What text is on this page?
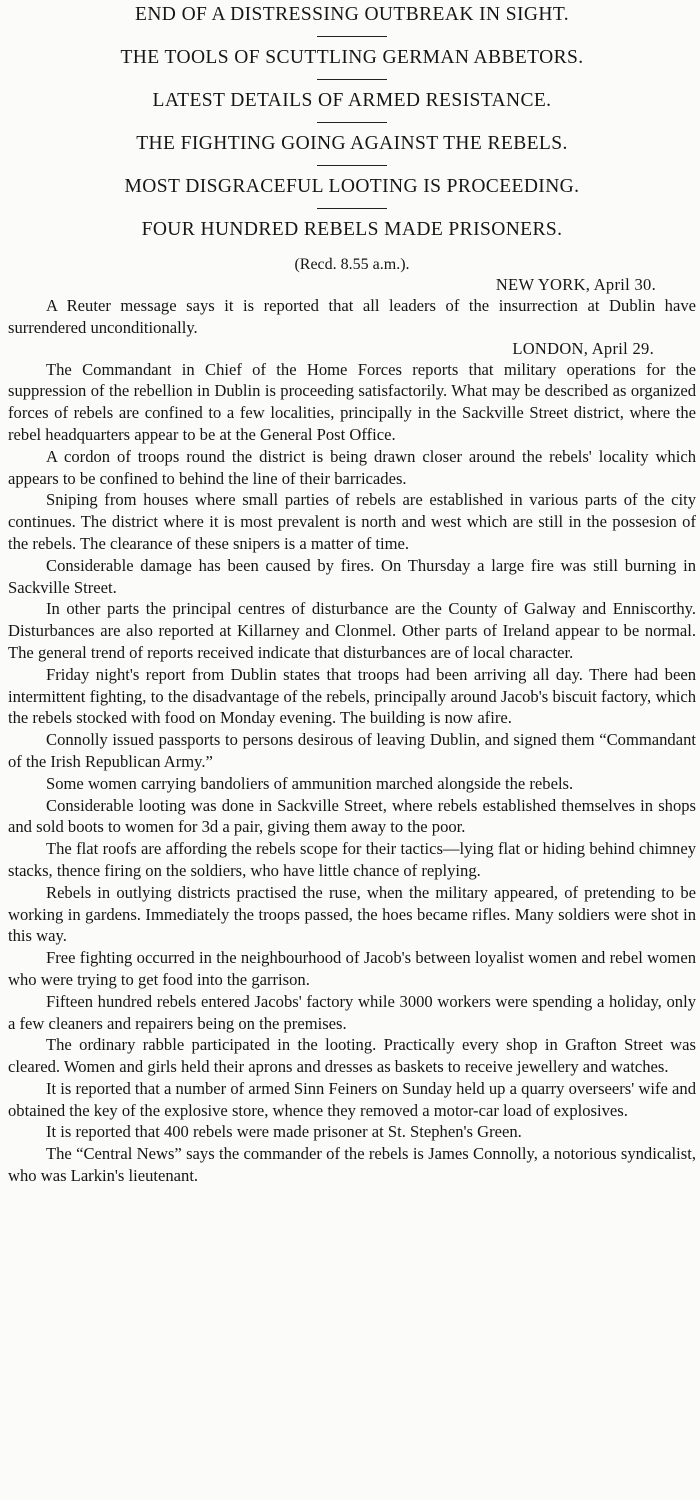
END OF A DISTRESSING OUTBREAK IN SIGHT.

THE TOOLS OF SCUTTLING GERMAN ABBETORS.

LATEST DETAILS OF ARMED RESISTANCE.

THE FIGHTING GOING AGAINST THE REBELS.

MOST DISGRACEFUL LOOTING IS PROCEEDING.

FOUR HUNDRED REBELS MADE PRISONERS.

(Recd. 8.55 a.m.).

NEW YORK, April 30.

A Reuter message says it is reported that all leaders of the insurrection at Dublin have surrendered unconditionally.

LONDON, April 29.

The Commandant in Chief of the Home Forces reports that military operations for the suppression of the rebellion in Dublin is proceeding satisfactorily. What may be described as organized forces of rebels are confined to a few localities, principally in the Sackville Street district, where the rebel headquarters appear to be at the General Post Office.

A cordon of troops round the district is being drawn closer around the rebels' locality which appears to be confined to behind the line of their barricades.

Sniping from houses where small parties of rebels are established in various parts of the city continues. The district where it is most prevalent is north and west which are still in the possesion of the rebels. The clearance of these snipers is a matter of time.

Considerable damage has been caused by fires. On Thursday a large fire was still burning in Sackville Street.

In other parts the principal centres of disturbance are the County of Galway and Enniscorthy. Disturbances are also reported at Killarney and Clonmel. Other parts of Ireland appear to be normal. The general trend of reports received indicate that disturbances are of local character.

Friday night's report from Dublin states that troops had been arriving all day. There had been intermittent fighting, to the disadvantage of the rebels, principally around Jacob's biscuit factory, which the rebels stocked with food on Monday evening. The building is now afire.

Connolly issued passports to persons desirous of leaving Dublin, and signed them “Commandant of the Irish Republican Army.”

Some women carrying bandoliers of ammunition marched alongside the rebels.

Considerable looting was done in Sackville Street, where rebels established themselves in shops and sold boots to women for 3d a pair, giving them away to the poor.

The flat roofs are affording the rebels scope for their tactics—lying flat or hiding behind chimney stacks, thence firing on the soldiers, who have little chance of replying.

Rebels in outlying districts practised the ruse, when the military appeared, of pretending to be working in gardens. Immediately the troops passed, the hoes became rifles. Many soldiers were shot in this way.

Free fighting occurred in the neighbourhood of Jacob's between loyalist women and rebel women who were trying to get food into the garrison.

Fifteen hundred rebels entered Jacobs' factory while 3000 workers were spending a holiday, only a few cleaners and repairers being on the premises.

The ordinary rabble participated in the looting. Practically every shop in Grafton Street was cleared. Women and girls held their aprons and dresses as baskets to receive jewellery and watches.

It is reported that a number of armed Sinn Feiners on Sunday held up a quarry overseers' wife and obtained the key of the explosive store, whence they removed a motor-car load of explosives.

It is reported that 400 rebels were made prisoner at St. Stephen's Green.

The “Central News” says the commander of the rebels is James Connolly, a notorious syndicalist, who was Larkin's lieutenant.
